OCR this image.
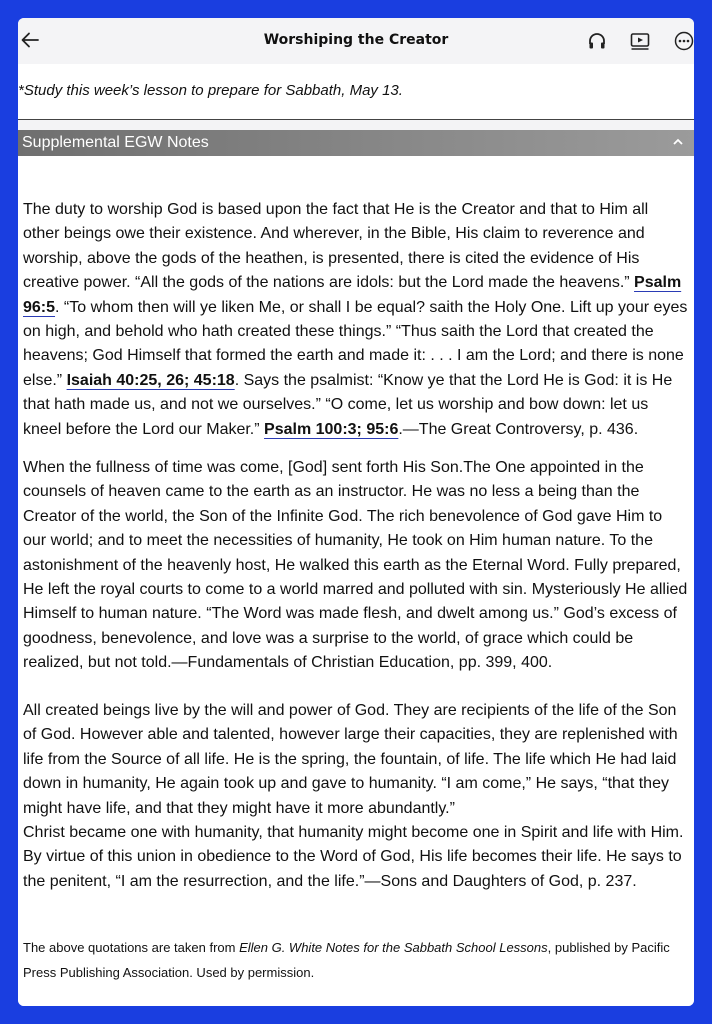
Worshiping the Creator
*Study this week’s lesson to prepare for Sabbath, May 13.
Supplemental EGW Notes

The duty to worship God is based upon the fact that He is the Creator and that to Him all other beings owe their existence. And wherever, in the Bible, His claim to reverence and worship, above the gods of the heathen, is presented, there is cited the evidence of His creative power. “All the gods of the nations are idols: but the Lord made the heavens.” Psalm 96:5. “To whom then will ye liken Me, or shall I be equal? saith the Holy One. Lift up your eyes on high, and behold who hath created these things.” “Thus saith the Lord that created the heavens; God Himself that formed the earth and made it: . . . I am the Lord; and there is none else.” Isaiah 40:25, 26; 45:18. Says the psalmist: “Know ye that the Lord He is God: it is He that hath made us, and not we ourselves.” “O come, let us worship and bow down: let us kneel before the Lord our Maker.” Psalm 100:3; 95:6.—The Great Controversy, p. 436.

When the fullness of time was come, [God] sent forth His Son.The One appointed in the counsels of heaven came to the earth as an instructor. He was no less a being than the Creator of the world, the Son of the Infinite God. The rich benevolence of God gave Him to our world; and to meet the necessities of humanity, He took on Him human nature. To the astonishment of the heavenly host, He walked this earth as the Eternal Word. Fully prepared, He left the royal courts to come to a world marred and polluted with sin. Mysteriously He allied Himself to human nature. “The Word was made flesh, and dwelt among us.” God’s excess of goodness, benevolence, and love was a surprise to the world, of grace which could be realized, but not told.—Fundamentals of Christian Education, pp. 399, 400.

All created beings live by the will and power of God. They are recipients of the life of the Son of God. However able and talented, however large their capacities, they are replenished with life from the Source of all life. He is the spring, the fountain, of life. The life which He had laid down in humanity, He again took up and gave to humanity. “I am come,” He says, “that they might have life, and that they might have it more abundantly.”

Christ became one with humanity, that humanity might become one in Spirit and life with Him. By virtue of this union in obedience to the Word of God, His life becomes their life. He says to the penitent, “I am the resurrection, and the life.”—Sons and Daughters of God, p. 237.

The above quotations are taken from Ellen G. White Notes for the Sabbath School Lessons, published by Pacific Press Publishing Association. Used by permission.
